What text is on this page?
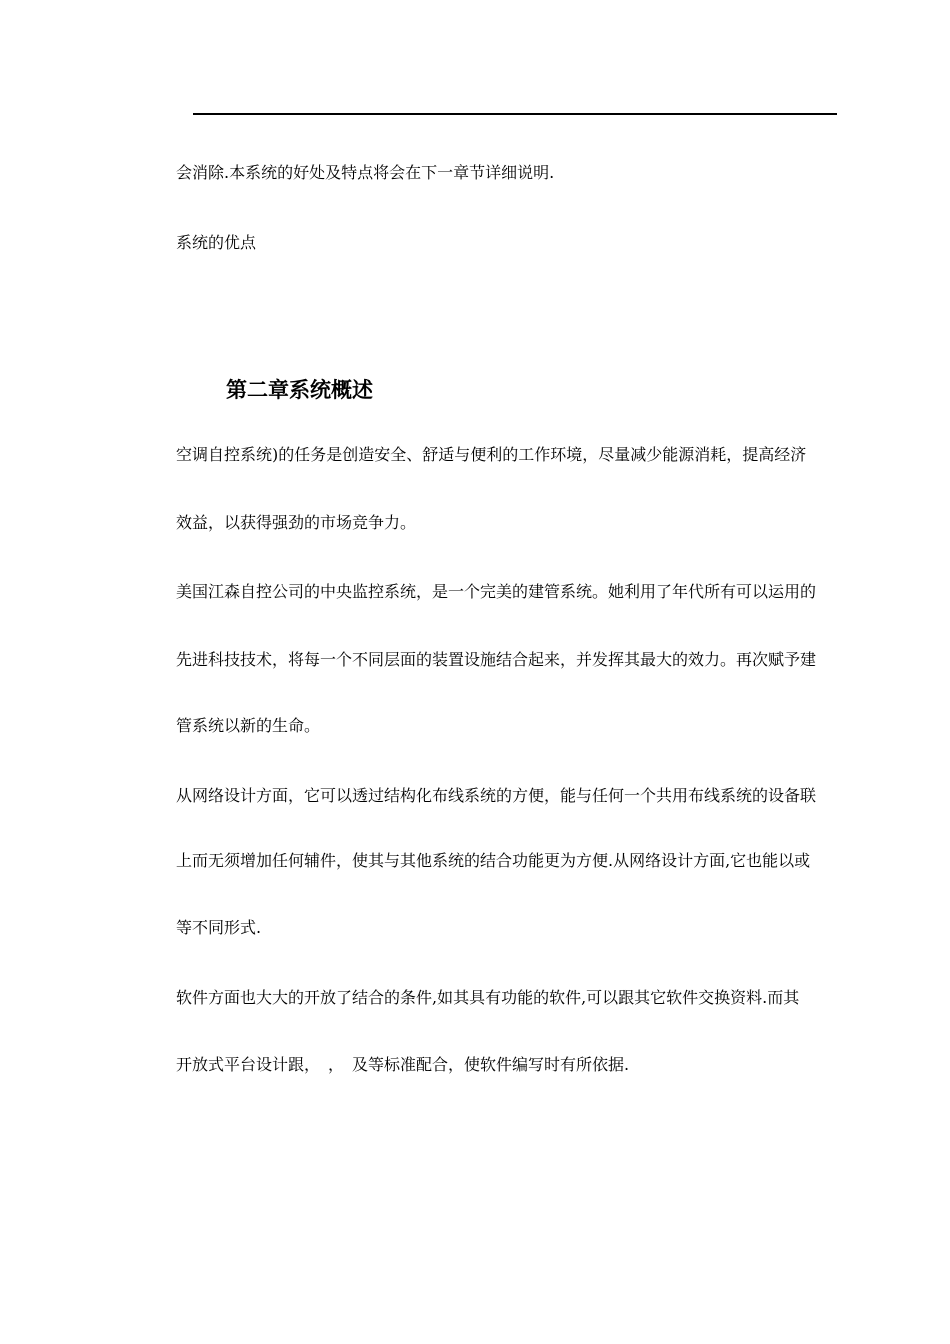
会消除.本系统的好处及特点将会在下一章节详细说明.
系统的优点
第二章系统概述
空调自控系统)的任务是创造安全、舒适与便利的工作环境，尽量减少能源消耗，提高经济
效益，以获得强劲的市场竞争力。
美国江森自控公司的中央监控系统，是一个完美的建管系统。她利用了年代所有可以运用的
先进科技技术，将每一个不同层面的装置设施结合起来，并发挥其最大的效力。再次赋予建
管系统以新的生命。
从网络设计方面，它可以透过结构化布线系统的方便，能与任何一个共用布线系统的设备联
上而无须增加任何辅件，使其与其他系统的结合功能更为方便.从网络设计方面,它也能以或
等不同形式.
软件方面也大大的开放了结合的条件,如其具有功能的软件,可以跟其它软件交换资料.而其
开放式平台设计跟，　，　及等标准配合，使软件编写时有所依据.
